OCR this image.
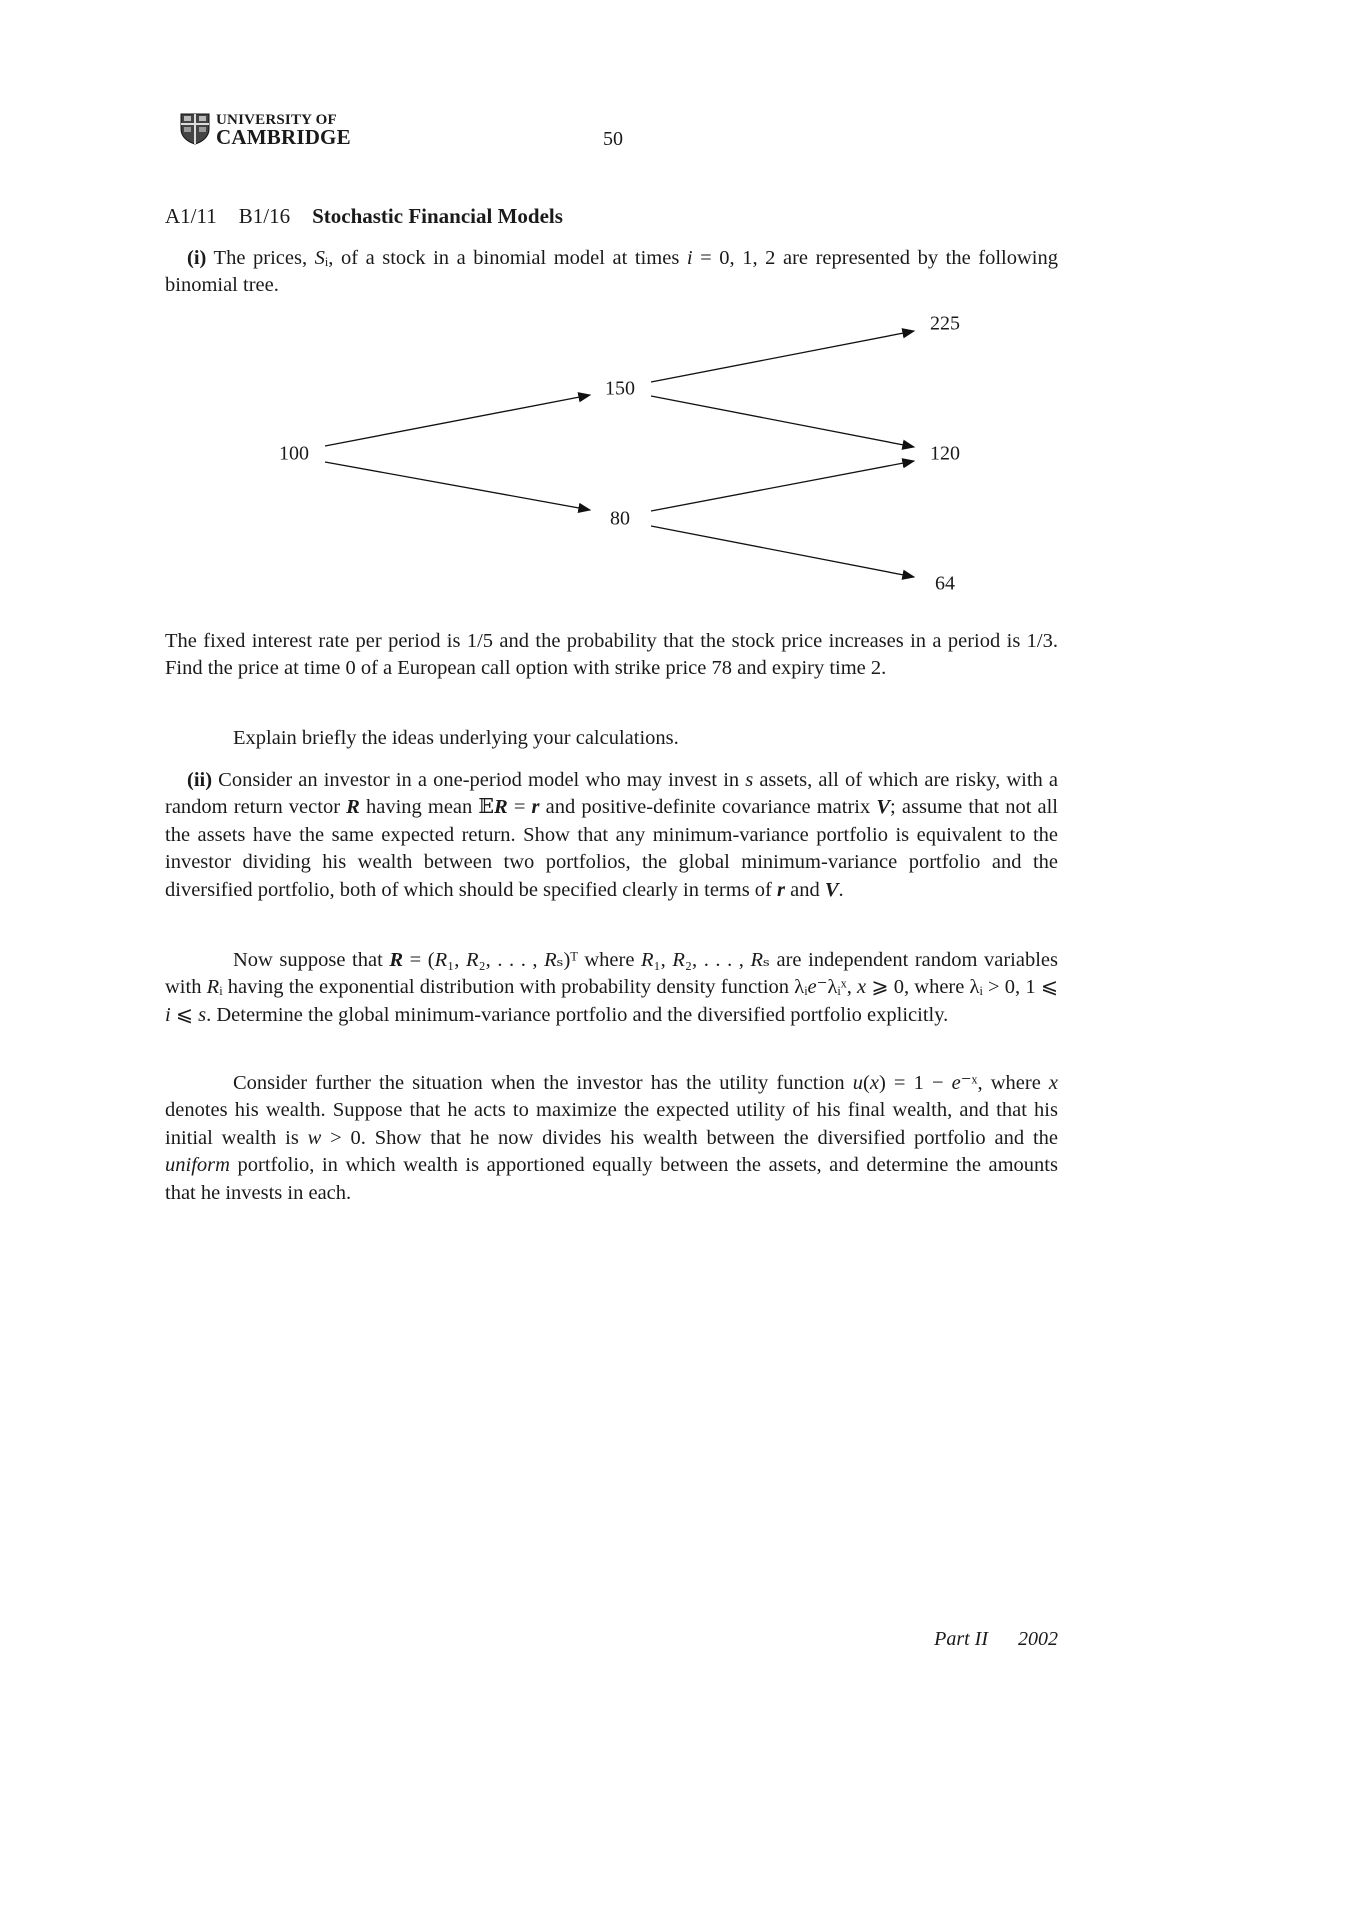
UNIVERSITY OF
CAMBRIDGE	50
A1/11 B1/16 Stochastic Financial Models
(i) The prices, Sᵢ, of a stock in a binomial model at times i = 0, 1, 2 are represented by the following binomial tree.
100
150
80
225
120
64
The fixed interest rate per period is 1/5 and the probability that the stock price increases in a period is 1/3. Find the price at time 0 of a European call option with strike price 78 and expiry time 2.
Explain briefly the ideas underlying your calculations.
(ii) Consider an investor in a one-period model who may invest in s assets, all of which are risky, with a random return vector R having mean 𝔼R = r and positive-definite covariance matrix V; assume that not all the assets have the same expected return. Show that any minimum-variance portfolio is equivalent to the investor dividing his wealth between two portfolios, the global minimum-variance portfolio and the diversified portfolio, both of which should be specified clearly in terms of r and V.
Now suppose that R = (R₁, R₂, . . . , Rₛ)ᵀ where R₁, R₂, . . . , Rₛ are independent random variables with Rᵢ having the exponential distribution with probability density function λᵢe⁻λᵢˣ, x ⩾ 0, where λᵢ > 0, 1 ⩽ i ⩽ s. Determine the global minimum-variance portfolio and the diversified portfolio explicitly.
Consider further the situation when the investor has the utility function u(x) = 1 − e⁻ˣ, where x denotes his wealth. Suppose that he acts to maximize the expected utility of his final wealth, and that his initial wealth is w > 0. Show that he now divides his wealth between the diversified portfolio and the uniform portfolio, in which wealth is apportioned equally between the assets, and determine the amounts that he invests in each.
Part II 2002
